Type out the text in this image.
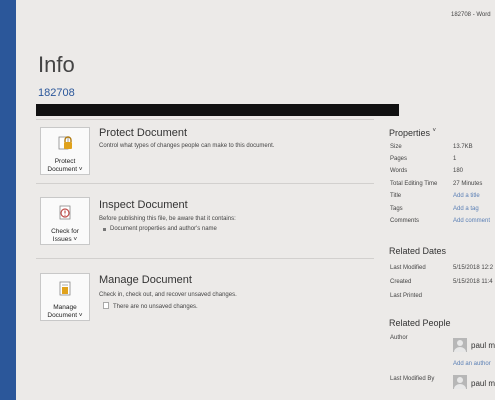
182708 - Word
Info
182708
Protect
Document ˅
Protect Document
Control what types of changes people can make to this document.
Check for
Issues ˅
Inspect Document
Before publishing this file, be aware that it contains:
Document properties and author's name
Manage
Document ˅
Manage Document
Check in, check out, and recover unsaved changes.
There are no unsaved changes.
Properties ˅
Size	13.7KB
Pages	1
Words	180
Total Editing Time	27 Minutes
Title	Add a title
Tags	Add a tag
Comments	Add comment
Related Dates
Last Modified	5/15/2018 12:2
Created	5/15/2018 11:4
Last Printed
Related People
Author
paul m
Add an author
Last Modified By	paul m
